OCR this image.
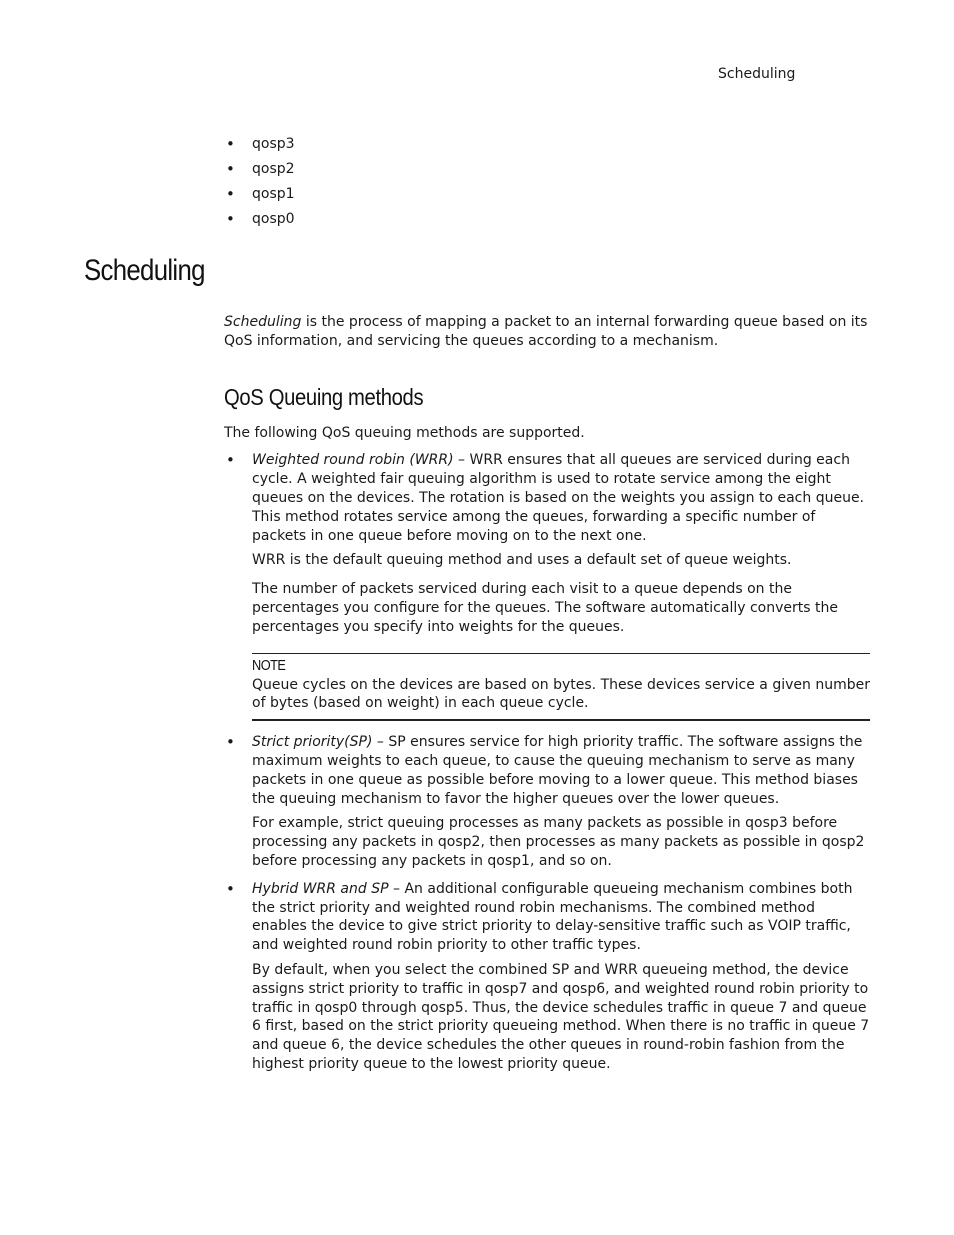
Scheduling
• qosp3
• qosp2
• qosp1
• qosp0
Scheduling

Scheduling is the process of mapping a packet to an internal forwarding queue based on its QoS information, and servicing the queues according to a mechanism.

QoS Queuing methods

The following QoS queuing methods are supported.

• Weighted round robin (WRR) – WRR ensures that all queues are serviced during each cycle. A weighted fair queuing algorithm is used to rotate service among the eight queues on the devices. The rotation is based on the weights you assign to each queue. This method rotates service among the queues, forwarding a specific number of packets in one queue before moving on to the next one.

WRR is the default queuing method and uses a default set of queue weights.

The number of packets serviced during each visit to a queue depends on the percentages you configure for the queues. The software automatically converts the percentages you specify into weights for the queues.

NOTE

Queue cycles on the devices are based on bytes. These devices service a given number of bytes (based on weight) in each queue cycle.

• Strict priority(SP) – SP ensures service for high priority traffic. The software assigns the maximum weights to each queue, to cause the queuing mechanism to serve as many packets in one queue as possible before moving to a lower queue. This method biases the queuing mechanism to favor the higher queues over the lower queues.

For example, strict queuing processes as many packets as possible in qosp3 before processing any packets in qosp2, then processes as many packets as possible in qosp2 before processing any packets in qosp1, and so on.

• Hybrid WRR and SP – An additional configurable queueing mechanism combines both the strict priority and weighted round robin mechanisms. The combined method enables the device to give strict priority to delay-sensitive traffic such as VOIP traffic, and weighted round robin priority to other traffic types.

By default, when you select the combined SP and WRR queueing method, the device assigns strict priority to traffic in qosp7 and qosp6, and weighted round robin priority to traffic in qosp0 through qosp5. Thus, the device schedules traffic in queue 7 and queue 6 first, based on the strict priority queueing method. When there is no traffic in queue 7 and queue 6, the device schedules the other queues in round-robin fashion from the highest priority queue to the lowest priority queue.
